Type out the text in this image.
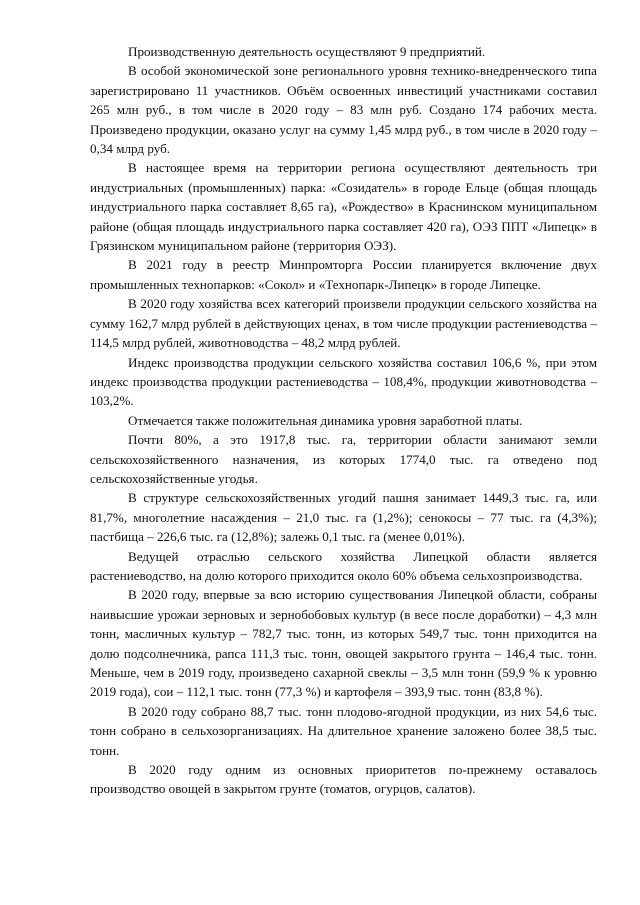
Производственную деятельность осуществляют 9 предприятий.

В особой экономической зоне регионального уровня технико-внедренческого типа зарегистрировано 11 участников. Объём освоенных инвестиций участниками составил 265 млн руб., в том числе в 2020 году – 83 млн руб. Создано 174 рабочих места. Произведено продукции, оказано услуг на сумму 1,45 млрд руб., в том числе в 2020 году – 0,34 млрд руб.

В настоящее время на территории региона осуществляют деятельность три индустриальных (промышленных) парка: «Созидатель» в городе Ельце (общая площадь индустриального парка составляет 8,65 га), «Рождество» в Краснинском муниципальном районе (общая площадь индустриального парка составляет 420 га), ОЭЗ ППТ «Липецк» в Грязинском муниципальном районе (территория ОЭЗ).

В 2021 году в реестр Минпромторга России планируется включение двух промышленных технопарков: «Сокол» и «Технопарк-Липецк» в городе Липецке.

В 2020 году хозяйства всех категорий произвели продукции сельского хозяйства на сумму 162,7 млрд рублей в действующих ценах, в том числе продукции растениеводства – 114,5 млрд рублей, животноводства – 48,2 млрд рублей.

Индекс производства продукции сельского хозяйства составил 106,6 %, при этом индекс производства продукции растениеводства – 108,4%, продукции животноводства – 103,2%.

Отмечается также положительная динамика уровня заработной платы.

Почти 80%, а это 1917,8 тыс. га, территории области занимают земли сельскохозяйственного назначения, из которых 1774,0 тыс. га отведено под сельскохозяйственные угодья.

В структуре сельскохозяйственных угодий пашня занимает 1449,3 тыс. га, или 81,7%, многолетние насаждения – 21,0 тыс. га (1,2%); сенокосы – 77 тыс. га (4,3%); пастбища – 226,6 тыс. га (12,8%); залежь 0,1 тыс. га (менее 0,01%).

Ведущей отраслью сельского хозяйства Липецкой области является растениеводство, на долю которого приходится около 60% объема сельхозпроизводства.

В 2020 году, впервые за всю историю существования Липецкой области, собраны наивысшие урожаи зерновых и зернобобовых культур (в весе после доработки) – 4,3 млн тонн, масличных культур – 782,7 тыс. тонн, из которых 549,7 тыс. тонн приходится на долю подсолнечника, рапса 111,3 тыс. тонн, овощей закрытого грунта – 146,4 тыс. тонн. Меньше, чем в 2019 году, произведено сахарной свеклы – 3,5 млн тонн (59,9 % к уровню 2019 года), сои – 112,1 тыс. тонн (77,3 %) и картофеля – 393,9 тыс. тонн (83,8 %).

В 2020 году собрано 88,7 тыс. тонн плодово-ягодной продукции, из них 54,6 тыс. тонн собрано в сельхозорганизациях. На длительное хранение заложено более 38,5 тыс. тонн.

В 2020 году одним из основных приоритетов по-прежнему оставалось производство овощей в закрытом грунте (томатов, огурцов, салатов).
